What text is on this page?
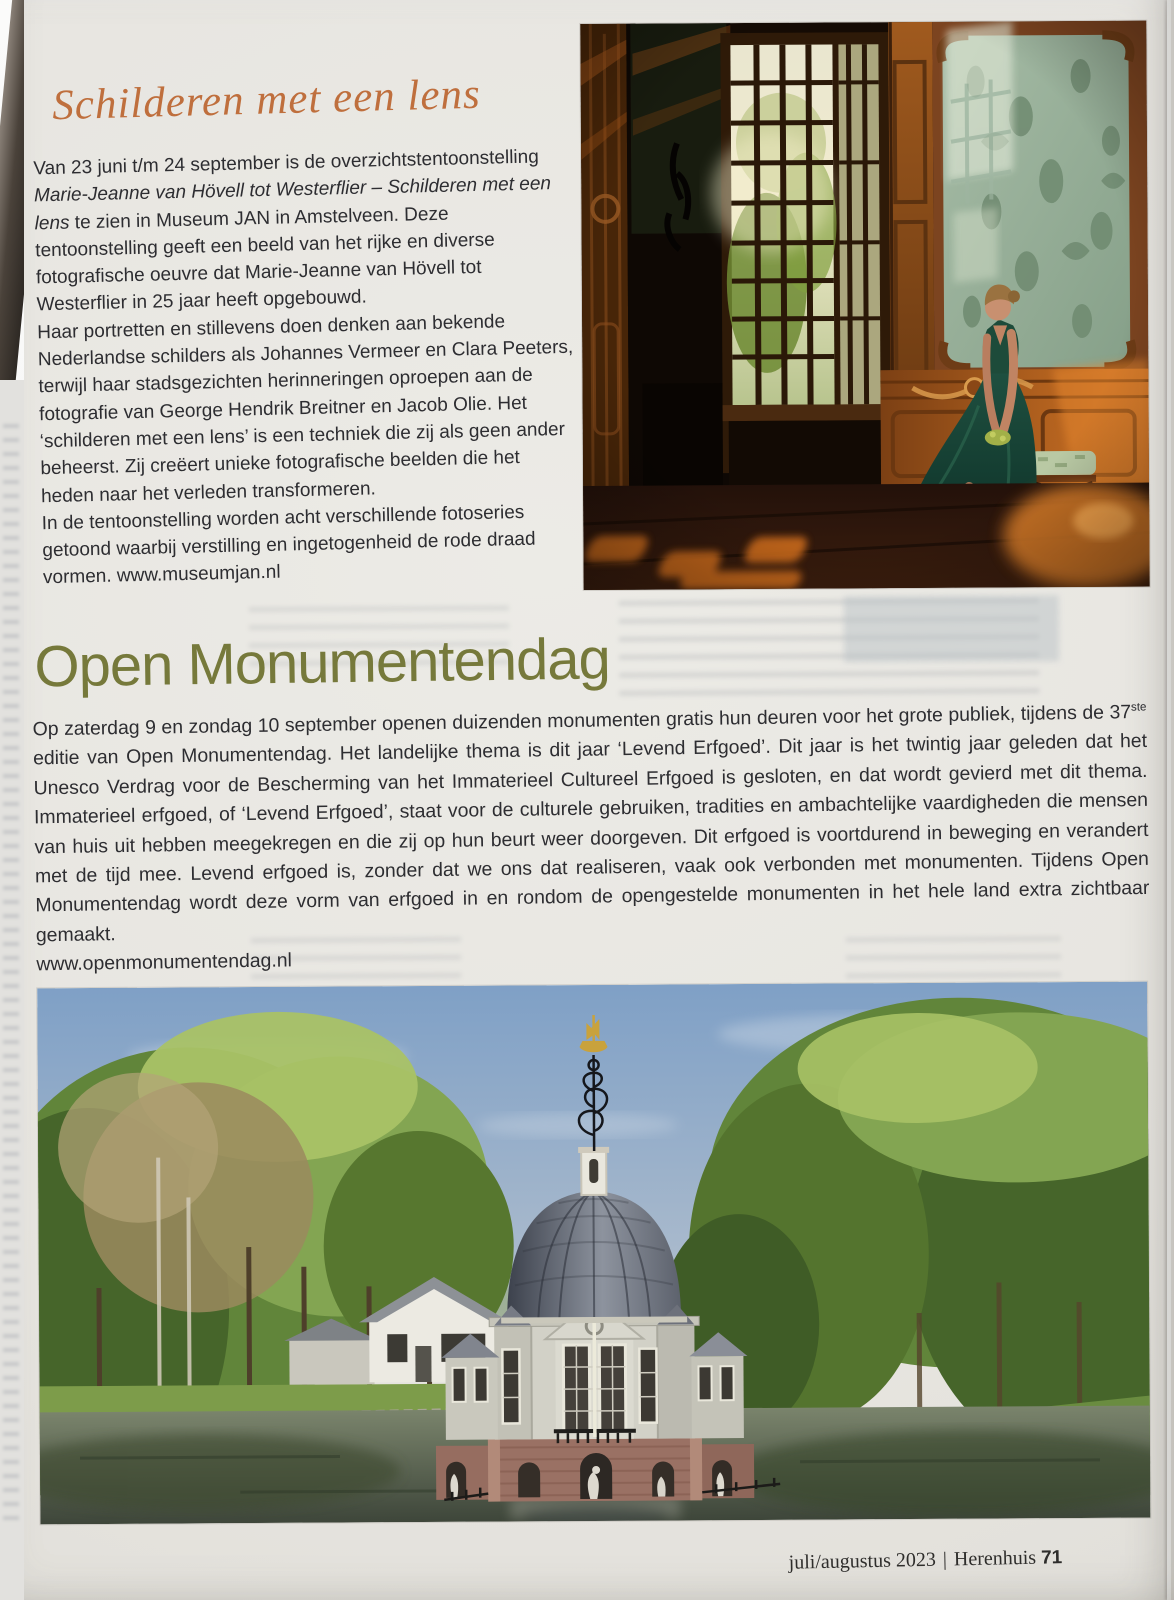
Schilderen met een lens

Van 23 juni t/m 24 september is de overzichtstentoonstelling Marie-Jeanne van Hövell tot Westerflier – Schilderen met een lens te zien in Museum JAN in Amstelveen. Deze tentoonstelling geeft een beeld van het rijke en diverse fotografische oeuvre dat Marie-Jeanne van Hövell tot Westerflier in 25 jaar heeft opgebouwd.

Haar portretten en stillevens doen denken aan bekende Nederlandse schilders als Johannes Vermeer en Clara Peeters, terwijl haar stadsgezichten herinneringen oproepen aan de fotografie van George Hendrik Breitner en Jacob Olie. Het ‘schilderen met een lens’ is een techniek die zij als geen ander beheerst. Zij creëert unieke fotografische beelden die het heden naar het verleden transformeren.

In de tentoonstelling worden acht verschillende fotoseries getoond waarbij verstilling en ingetogenheid de rode draad vormen. www.museumjan.nl

Open Monumentendag

Op zaterdag 9 en zondag 10 september openen duizenden monumenten gratis hun deuren voor het grote publiek, tijdens de 37ste editie van Open Monumentendag. Het landelijke thema is dit jaar ‘Levend Erfgoed’. Dit jaar is het twintig jaar geleden dat het Unesco Verdrag voor de Bescherming van het Immaterieel Cultureel Erfgoed is gesloten, en dat wordt gevierd met dit thema. Immaterieel erfgoed, of ‘Levend Erfgoed’, staat voor de culturele gebruiken, tradities en ambachtelijke vaardigheden die mensen van huis uit hebben meegekregen en die zij op hun beurt weer doorgeven. Dit erfgoed is voortdurend in beweging en verandert met de tijd mee. Levend erfgoed is, zonder dat we ons dat realiseren, vaak ook verbonden met monumenten. Tijdens Open Monumentendag wordt deze vorm van erfgoed in en rondom de opengestelde monumenten in het hele land extra zichtbaar gemaakt.

www.openmonumentendag.nl
juli/augustus 2023 | Herenhuis 71
